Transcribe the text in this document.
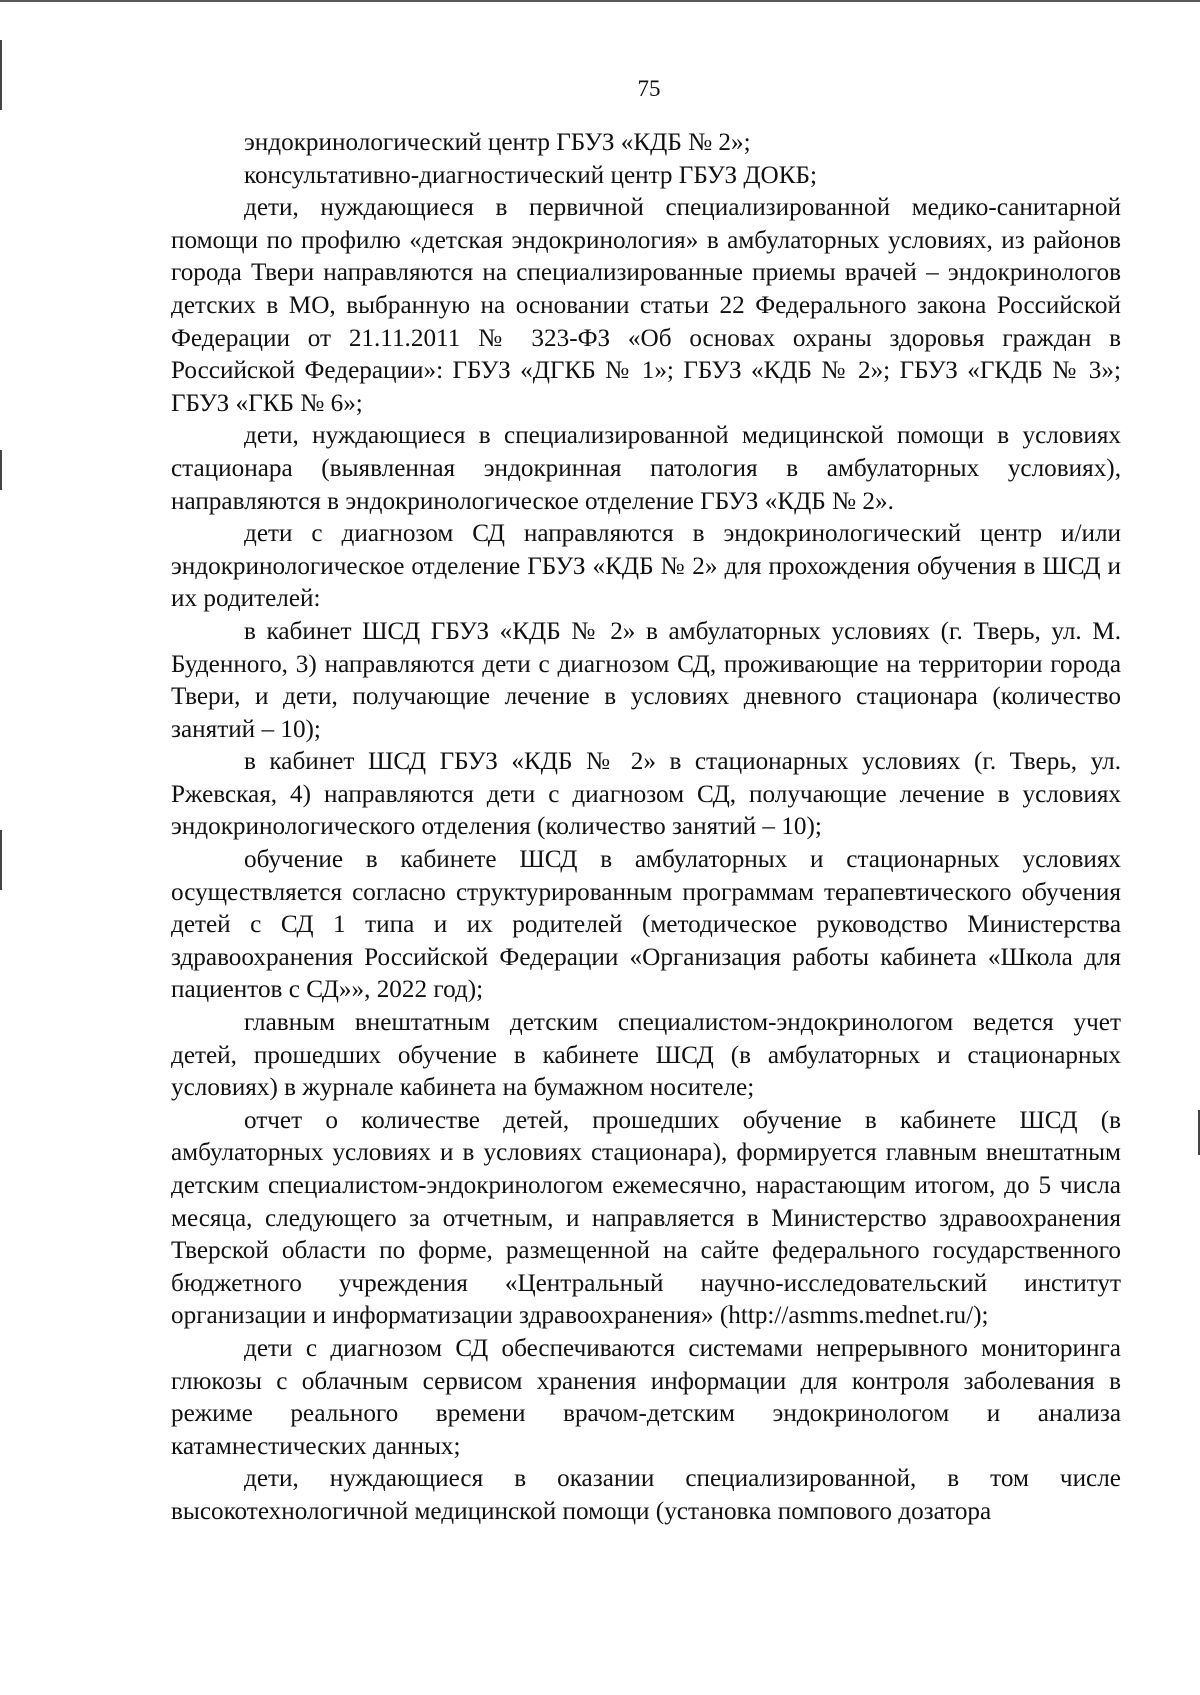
75

эндокринологический центр ГБУЗ «КДБ № 2»;

консультативно-диагностический центр ГБУЗ ДОКБ;

дети, нуждающиеся в первичной специализированной медико-санитарной помощи по профилю «детская эндокринология» в амбулаторных условиях, из районов города Твери направляются на специализированные приемы врачей – эндокринологов детских в МО, выбранную на основании статьи 22 Федерального закона Российской Федерации от 21.11.2011 № 323-ФЗ «Об основах охраны здоровья граждан в Российской Федерации»: ГБУЗ «ДГКБ № 1»; ГБУЗ «КДБ № 2»; ГБУЗ «ГКДБ № 3»; ГБУЗ «ГКБ № 6»;

дети, нуждающиеся в специализированной медицинской помощи в условиях стационара (выявленная эндокринная патология в амбулаторных условиях), направляются в эндокринологическое отделение ГБУЗ «КДБ № 2».

дети с диагнозом СД направляются в эндокринологический центр и/или эндокринологическое отделение ГБУЗ «КДБ № 2» для прохождения обучения в ШСД и их родителей:

в кабинет ШСД ГБУЗ «КДБ № 2» в амбулаторных условиях (г. Тверь, ул. М. Буденного, 3) направляются дети с диагнозом СД, проживающие на территории города Твери, и дети, получающие лечение в условиях дневного стационара (количество занятий – 10);

в кабинет ШСД ГБУЗ «КДБ № 2» в стационарных условиях (г. Тверь, ул. Ржевская, 4) направляются дети с диагнозом СД, получающие лечение в условиях эндокринологического отделения (количество занятий – 10);

обучение в кабинете ШСД в амбулаторных и стационарных условиях осуществляется согласно структурированным программам терапевтического обучения детей с СД 1 типа и их родителей (методическое руководство Министерства здравоохранения Российской Федерации «Организация работы кабинета «Школа для пациентов с СД»», 2022 год);

главным внештатным детским специалистом-эндокринологом ведется учет детей, прошедших обучение в кабинете ШСД (в амбулаторных и стационарных условиях) в журнале кабинета на бумажном носителе;

отчет о количестве детей, прошедших обучение в кабинете ШСД (в амбулаторных условиях и в условиях стационара), формируется главным внештатным детским специалистом-эндокринологом ежемесячно, нарастающим итогом, до 5 числа месяца, следующего за отчетным, и направляется в Министерство здравоохранения Тверской области по форме, размещенной на сайте федерального государственного бюджетного учреждения «Центральный научно-исследовательский институт организации и информатизации здравоохранения» (http://asmms.mednet.ru/);

дети с диагнозом СД обеспечиваются системами непрерывного мониторинга глюкозы с облачным сервисом хранения информации для контроля заболевания в режиме реального времени врачом-детским эндокринологом и анализа катамнестических данных;

дети, нуждающиеся в оказании специализированной, в том числе высокотехнологичной медицинской помощи (установка помпового дозатора
